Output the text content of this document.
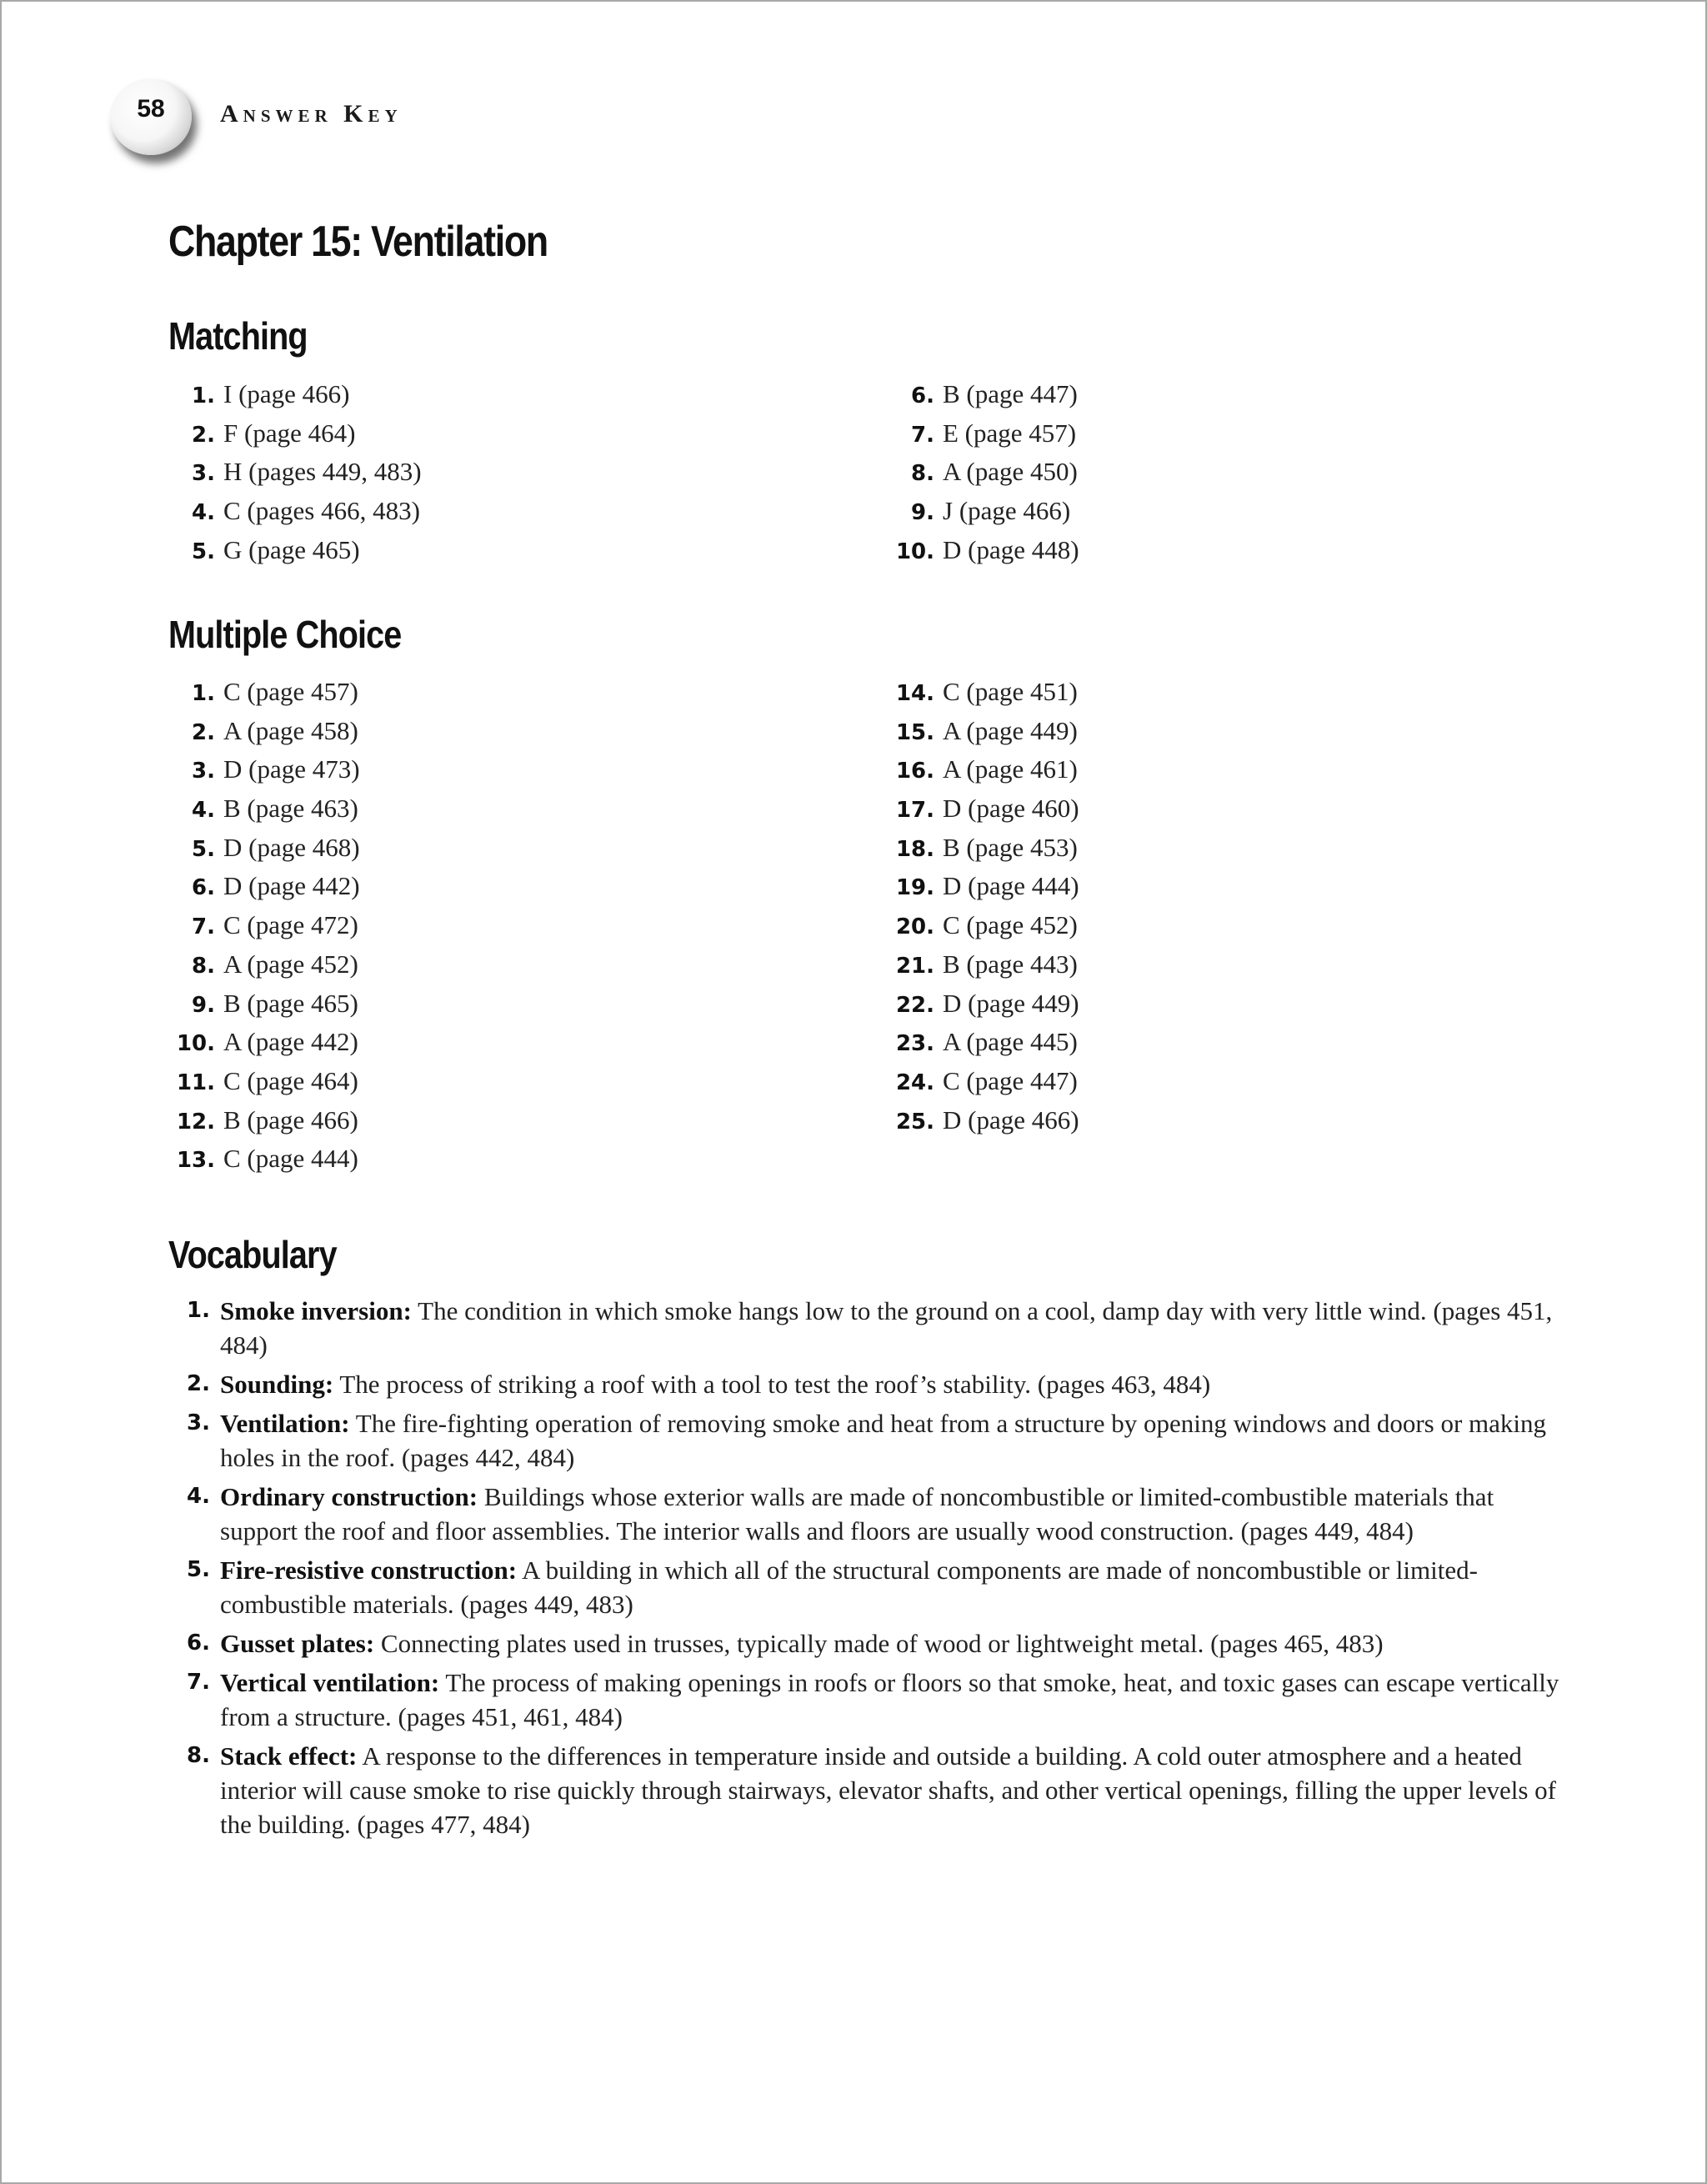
58	Answer Key
Chapter 15: Ventilation
Matching
1. I (page 466)
2. F (page 464)
3. H (pages 449, 483)
4. C (pages 466, 483)
5. G (page 465)
6. B (page 447)
7. E (page 457)
8. A (page 450)
9. J (page 466)
10. D (page 448)
Multiple Choice
1. C (page 457)
2. A (page 458)
3. D (page 473)
4. B (page 463)
5. D (page 468)
6. D (page 442)
7. C (page 472)
8. A (page 452)
9. B (page 465)
10. A (page 442)
11. C (page 464)
12. B (page 466)
13. C (page 444)
14. C (page 451)
15. A (page 449)
16. A (page 461)
17. D (page 460)
18. B (page 453)
19. D (page 444)
20. C (page 452)
21. B (page 443)
22. D (page 449)
23. A (page 445)
24. C (page 447)
25. D (page 466)
Vocabulary
1. Smoke inversion: The condition in which smoke hangs low to the ground on a cool, damp day with very little wind. (pages 451, 484)
2. Sounding: The process of striking a roof with a tool to test the roof’s stability. (pages 463, 484)
3. Ventilation: The fire-fighting operation of removing smoke and heat from a structure by opening windows and doors or making holes in the roof. (pages 442, 484)
4. Ordinary construction: Buildings whose exterior walls are made of noncombustible or limited-combustible materials that support the roof and floor assemblies. The interior walls and floors are usually wood construction. (pages 449, 484)
5. Fire-resistive construction: A building in which all of the structural components are made of noncombustible or limited-combustible materials. (pages 449, 483)
6. Gusset plates: Connecting plates used in trusses, typically made of wood or lightweight metal. (pages 465, 483)
7. Vertical ventilation: The process of making openings in roofs or floors so that smoke, heat, and toxic gases can escape vertically from a structure. (pages 451, 461, 484)
8. Stack effect: A response to the differences in temperature inside and outside a building. A cold outer atmosphere and a heated interior will cause smoke to rise quickly through stairways, elevator shafts, and other vertical openings, filling the upper levels of the building. (pages 477, 484)
